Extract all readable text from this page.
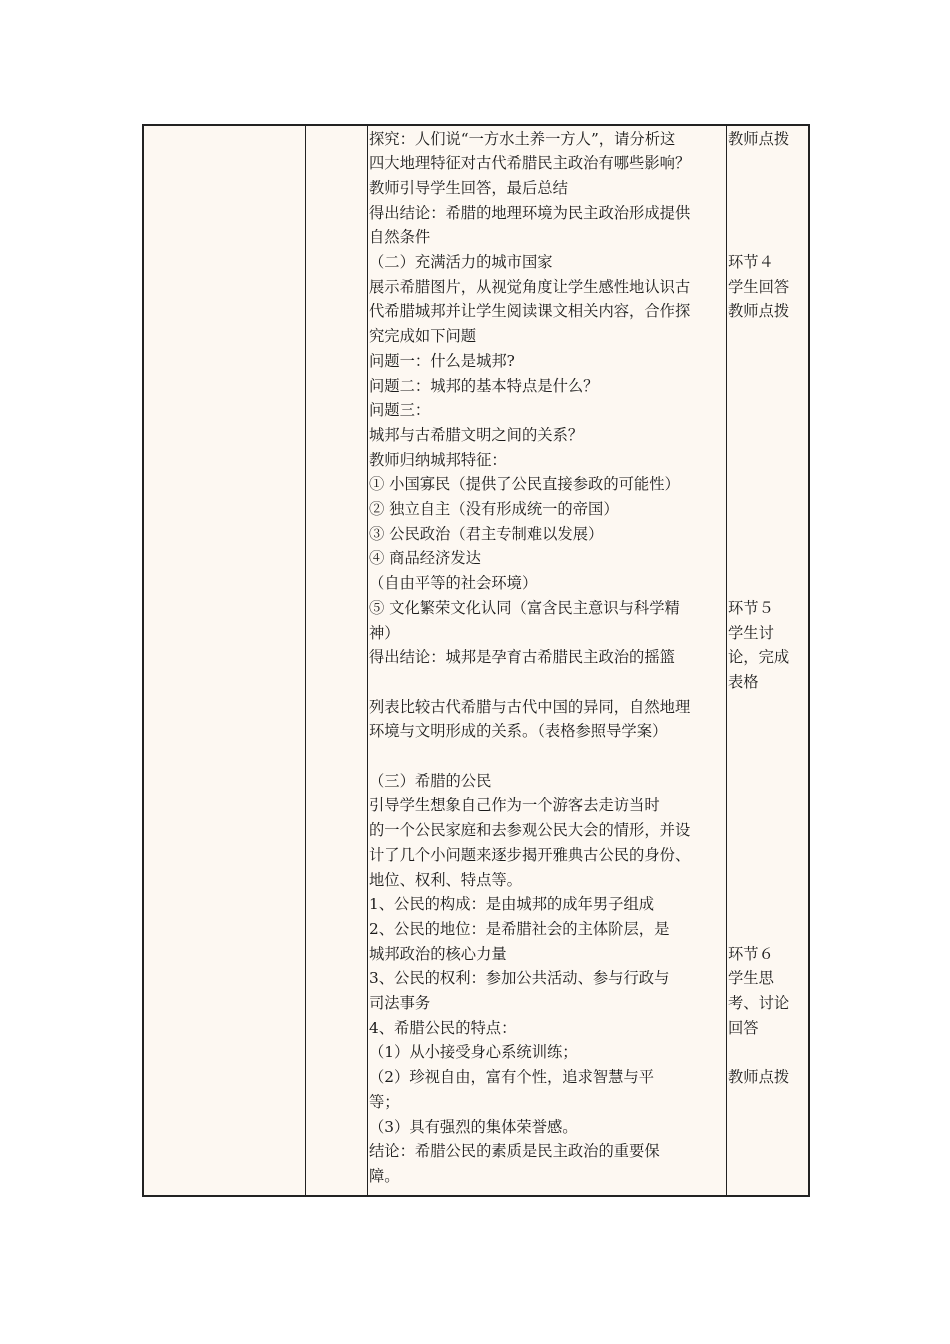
探究：人们说“一方水土养一方人”，请分析这
四大地理特征对古代希腊民主政治有哪些影响？
教师引导学生回答，最后总结
得出结论：希腊的地理环境为民主政治形成提供
自然条件
（二）充满活力的城市国家
展示希腊图片，从视觉角度让学生感性地认识古
代希腊城邦并让学生阅读课文相关内容，合作探
究完成如下问题
问题一：什么是城邦?
问题二：城邦的基本特点是什么？
问题三：
城邦与古希腊文明之间的关系？
教师归纳城邦特征：
① 小国寡民（提供了公民直接参政的可能性）
② 独立自主（没有形成统一的帝国）
③ 公民政治（君主专制难以发展）
④ 商品经济发达
（自由平等的社会环境）
⑤ 文化繁荣文化认同（富含民主意识与科学精
神）
得出结论：城邦是孕育古希腊民主政治的摇篮
列表比较古代希腊与古代中国的异同，自然地理
环境与文明形成的关系。（表格参照导学案）
（三）希腊的公民
引导学生想象自己作为一个游客去走访当时
的一个公民家庭和去参观公民大会的情形，并设
计了几个小问题来逐步揭开雅典古公民的身份、
地位、权利、特点等。
1、公民的构成：是由城邦的成年男子组成
2、公民的地位：是希腊社会的主体阶层，是
城邦政治的核心力量
3、公民的权利：参加公共活动、参与行政与
司法事务
4、希腊公民的特点：
（1）从小接受身心系统训练；
（2）珍视自由，富有个性，追求智慧与平
等；
（3）具有强烈的集体荣誉感。
结论：希腊公民的素质是民主政治的重要保
障。
教师点拨
环节４
学生回答
教师点拨
环节５
学生讨
论，完成
表格
环节６
学生思
考、讨论
回答
教师点拨
